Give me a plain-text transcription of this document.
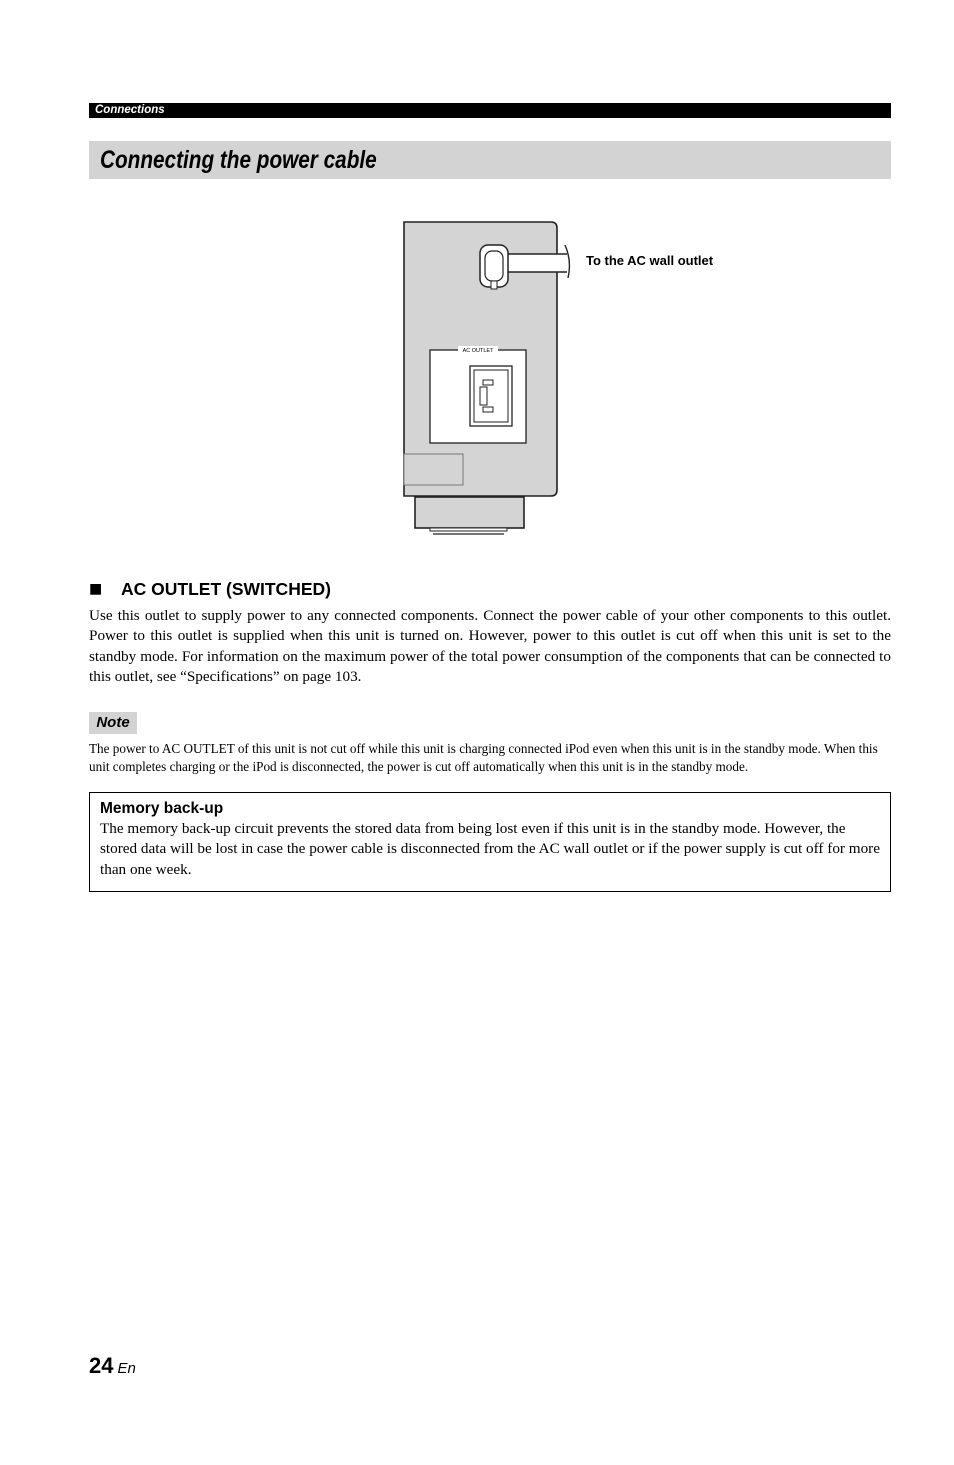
Connections
Connecting the power cable
AC OUTLET
To the AC wall outlet
■ AC OUTLET (SWITCHED)

Use this outlet to supply power to any connected components. Connect the power cable of your other components to this outlet. Power to this outlet is supplied when this unit is turned on. However, power to this outlet is cut off when this unit is set to the standby mode. For information on the maximum power of the total power consumption of the components that can be connected to this outlet, see “Specifications” on page 103.

Note

The power to AC OUTLET of this unit is not cut off while this unit is charging connected iPod even when this unit is in the standby mode. When this unit completes charging or the iPod is disconnected, the power is cut off automatically when this unit is in the standby mode.

Memory back-up

The memory back-up circuit prevents the stored data from being lost even if this unit is in the standby mode. However, the stored data will be lost in case the power cable is disconnected from the AC wall outlet or if the power supply is cut off for more than one week.

24 En
